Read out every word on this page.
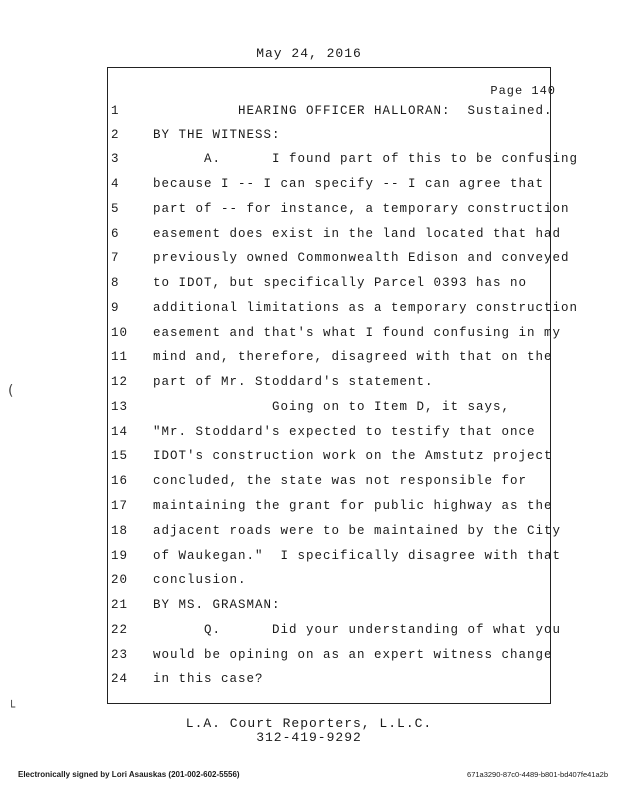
May 24, 2016
Page 140
1	HEARING OFFICER HALLORAN:  Sustained.
2	BY THE WITNESS:
3	A.      I found part of this to be confusing
4	because I -- I can specify -- I can agree that
5	part of -- for instance, a temporary construction
6	easement does exist in the land located that had
7	previously owned Commonwealth Edison and conveyed
8	to IDOT, but specifically Parcel 0393 has no
9	additional limitations as a temporary construction
10	easement and that's what I found confusing in my
11	mind and, therefore, disagreed with that on the
12	part of Mr. Stoddard's statement.
13	Going on to Item D, it says,
14	"Mr. Stoddard's expected to testify that once
15	IDOT's construction work on the Amstutz project
16	concluded, the state was not responsible for
17	maintaining the grant for public highway as the
18	adjacent roads were to be maintained by the City
19	of Waukegan."  I specifically disagree with that
20	conclusion.
21	BY MS. GRASMAN:
22	Q.      Did your understanding of what you
23	would be opining on as an expert witness change
24	in this case?
(
└
L.A. Court Reporters, L.L.C.
312-419-9292
Electronically signed by Lori Asauskas (201-002-602-5556)	671a3290-87c0-4489-b801-bd407fe41a2b
